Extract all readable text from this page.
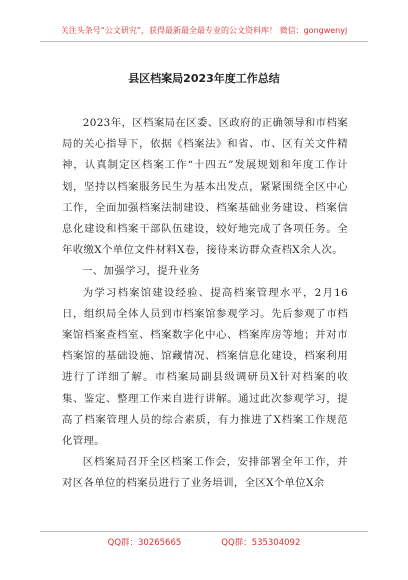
关注头条号“公文研究”，获得最新最全最专业的公文资料库！ 微信：gongwenyj
县区档案局2023年度工作总结

2023年，区档案局在区委、区政府的正确领导和市档案局的关心指导下，依据《档案法》和省、市、区有关文件精神，认真制定区档案工作“十四五”发展规划和年度工作计划，坚持以档案服务民生为基本出发点，紧紧围绕全区中心工作，全面加强档案法制建设、档案基础业务建设、档案信息化建设和档案干部队伍建设，较好地完成了各项任务。全年收缴X个单位文件材料X卷，接待来访群众查档X余人次。

一、加强学习，提升业务

为学习档案馆建设经验、提高档案管理水平，2月16日，组织局全体人员到市档案馆参观学习。先后参观了市档案馆档案查档室、档案数字化中心、档案库房等地；并对市档案馆的基础设施、馆藏情况、档案信息化建设，档案利用进行了详细了解。市档案局副县级调研员X针对档案的收集、鉴定、整理工作来自进行讲解。通过此次参观学习，提高了档案管理人员的综合素质，有力推进了X档案工作规范化管理。

区档案局召开全区档案工作会，安排部署全年工作，并对区各单位的档案员进行了业务培训，全区X个单位X余

QQ群：30265665	QQ群：535304092
